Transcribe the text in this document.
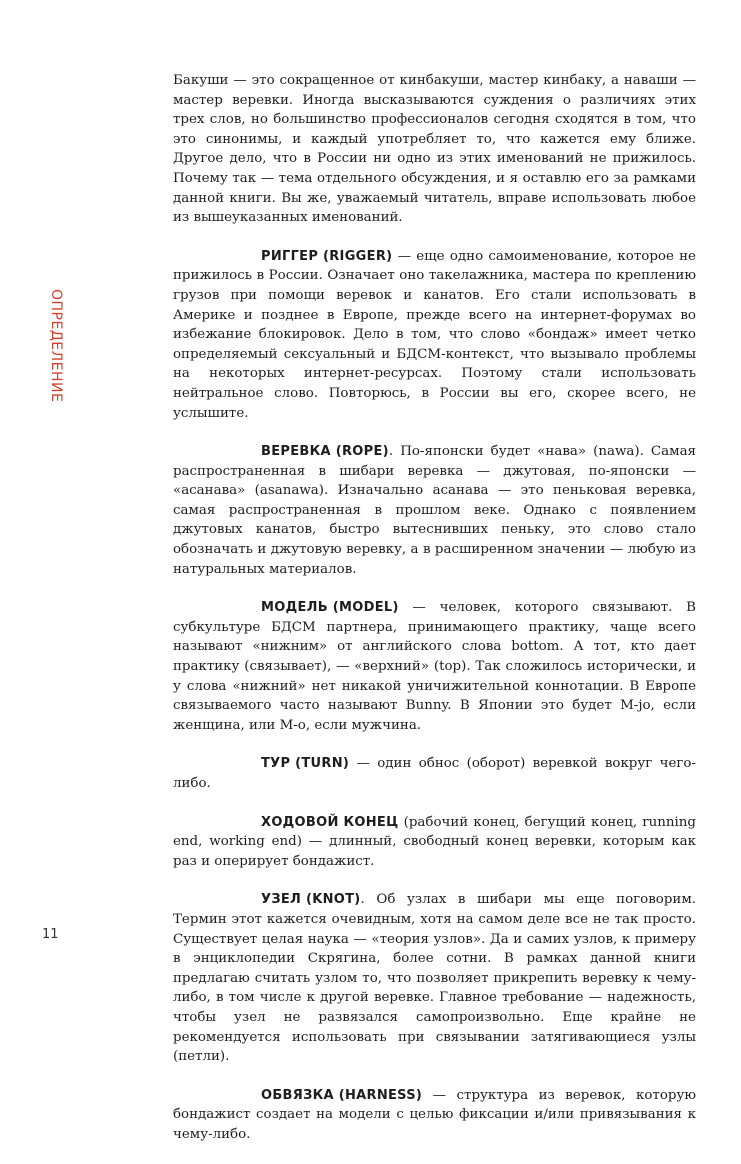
ОПРЕДЕЛЕНИЕ

Бакуши — это сокращенное от кинбакуши, мастер кинбаку, а наваши — мастер веревки. Иногда высказываются суждения о различиях этих трех слов, но большинство профессионалов сегодня сходятся в том, что это синонимы, и каждый употребляет то, что кажется ему ближе. Другое дело, что в России ни одно из этих именований не прижилось. Почему так — тема отдельного обсуждения, и я оставлю его за рамками данной книги. Вы же, уважаемый читатель, вправе использовать любое из вышеуказанных именований.

РИГГЕР (RIGGER) — еще одно самоименование, которое не прижилось в России. Означает оно такелажника, мастера по креплению грузов при помощи веревок и канатов. Его стали использовать в Америке и позднее в Европе, прежде всего на интернет-форумах во избежание блокировок. Дело в том, что слово «бондаж» имеет четко определяемый сексуальный и БДСМ-контекст, что вызывало проблемы на некоторых интернет-ресурсах. Поэтому стали использовать нейтральное слово. Повторюсь, в России вы его, скорее всего, не услышите.

ВЕРЕВКА (ROPE). По-японски будет «нава» (nawa). Самая распространенная в шибари веревка — джутовая, по-японски — «асанава» (asanawa). Изначально асанава — это пеньковая веревка, самая распространенная в прошлом веке. Однако с появлением джутовых канатов, быстро вытеснивших пеньку, это слово стало обозначать и джутовую веревку, а в расширенном значении — любую из натуральных материалов.

МОДЕЛЬ (MODEL) — человек, которого связывают. В субкультуре БДСМ партнера, принимающего практику, чаще всего называют «нижним» от английского слова bottom. А тот, кто дает практику (связывает), — «верхний» (top). Так сложилось исторически, и у слова «нижний» нет никакой уничижительной коннотации. В Европе связываемого часто называют Bunny. В Японии это будет M-jo, если женщина, или M-o, если мужчина.

ТУР (TURN) — один обнос (оборот) веревкой вокруг чего-либо.

ХОДОВОЙ КОНЕЦ (рабочий конец, бегущий конец, running end, working end) — длинный, свободный конец веревки, которым как раз и оперирует бондажист.

УЗЕЛ (KNOT). Об узлах в шибари мы еще поговорим. Термин этот кажется очевидным, хотя на самом деле все не так просто. Существует целая наука — «теория узлов». Да и самих узлов, к примеру в энциклопедии Скрягина, более сотни. В рамках данной книги предлагаю считать узлом то, что позволяет прикрепить веревку к чему-либо, в том числе к другой веревке. Главное требование — надежность, чтобы узел не развязался самопроизвольно. Еще крайне не рекомендуется использовать при связывании затягивающиеся узлы (петли).

ОБВЯЗКА (HARNESS) — структура из веревок, которую бондажист создает на модели с целью фиксации и/или привязывания к чему-либо.

11
